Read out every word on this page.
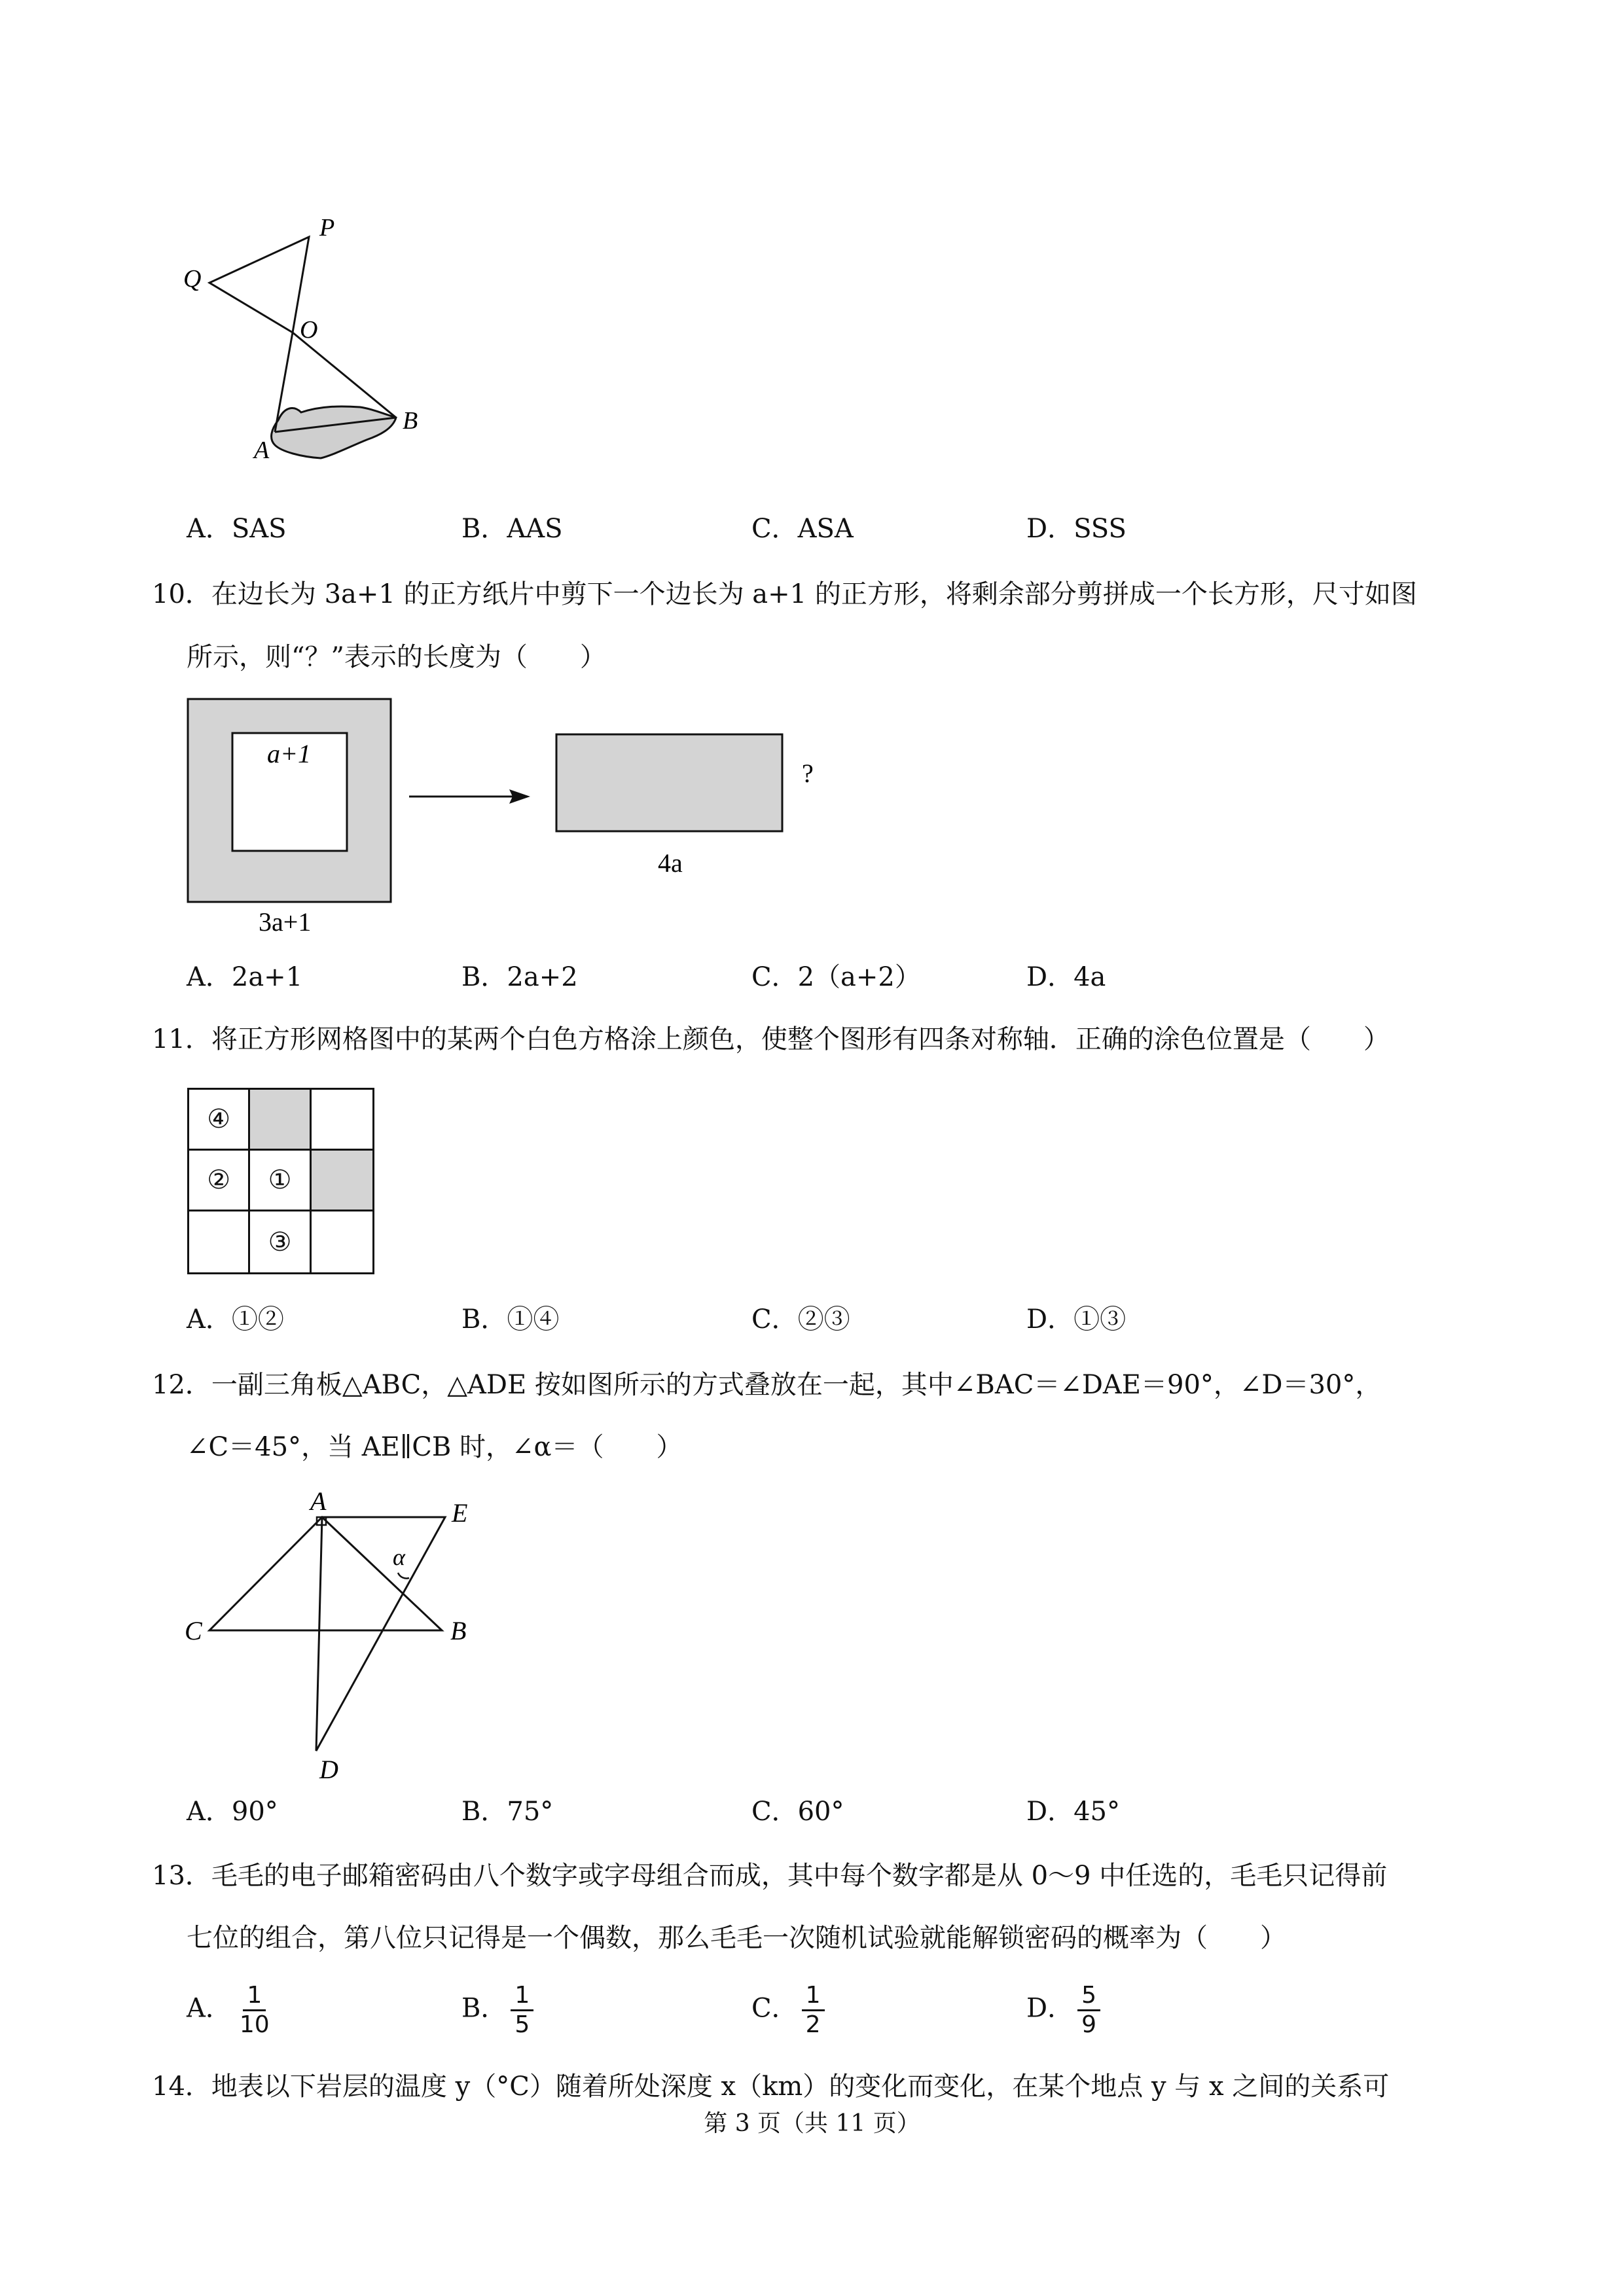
P
Q
O
A
B
A．SAS	B．AAS	C．ASA	D．SSS
10．在边长为 3a+1 的正方纸片中剪下一个边长为 a+1 的正方形，将剩余部分剪拼成一个长方形，尺寸如图
所示，则“？”表示的长度为（　　）
a+1
3a+1
?
4a
A．2a+1	B．2a+2	C．2（a+2）	D．4a
11．将正方形网格图中的某两个白色方格涂上颜色，使整个图形有四条对称轴．正确的涂色位置是（　　）
④
②	①
③
A．①②	B．①④	C．②③	D．①③
12．一副三角板△ABC，△ADE 按如图所示的方式叠放在一起，其中∠BAC＝∠DAE＝90°，∠D＝30°，
∠C＝45°，当 AE∥CB 时，∠α＝（　　）
A	E
C	B
D
α
A．90°	B．75°	C．60°	D．45°
13．毛毛的电子邮箱密码由八个数字或字母组合而成，其中每个数字都是从 0～9 中任选的，毛毛只记得前
七位的组合，第八位只记得是一个偶数，那么毛毛一次随机试验就能解锁密码的概率为（　　）
A． $\frac{1}{10}$	B． $\frac{1}{5}$	C． $\frac{1}{2}$	D． $\frac{5}{9}$
14．地表以下岩层的温度 y（°C）随着所处深度 x（km）的变化而变化，在某个地点 y 与 x 之间的关系可
第 3 页（共 11 页）
